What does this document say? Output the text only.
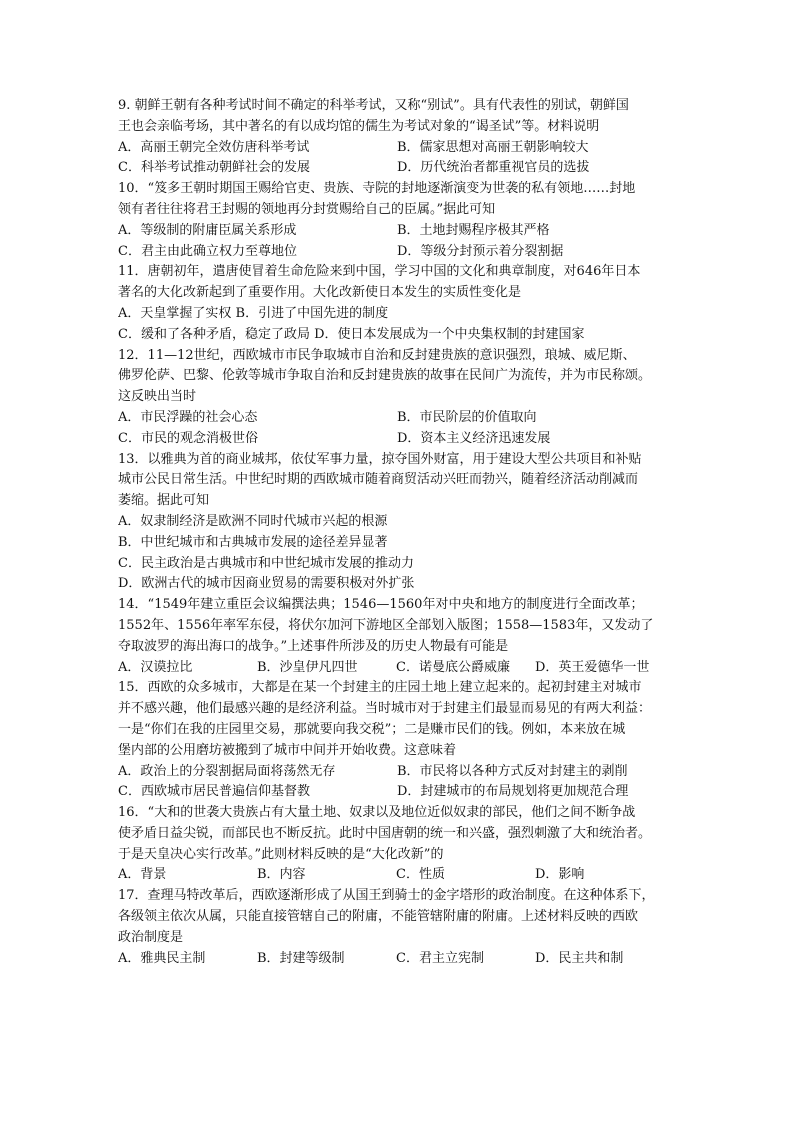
9. 朝鲜王朝有各种考试时间不确定的科举考试，又称“别试”。具有代表性的别试，朝鲜国
王也会亲临考场，其中著名的有以成均馆的儒生为考试对象的“谒圣试”等。材料说明
A．高丽王朝完全效仿唐科举考试	B．儒家思想对高丽王朝影响较大
C．科举考试推动朝鲜社会的发展	D．历代统治者都重视官员的选拔
10．“笈多王朝时期国王赐给官吏、贵族、寺院的封地逐渐演变为世袭的私有领地……封地
领有者往往将君王封赐的领地再分封赏赐给自己的臣属。”据此可知
A．等级制的附庸臣属关系形成	B．土地封赐程序极其严格
C．君主由此确立权力至尊地位	D．等级分封预示着分裂割据
11．唐朝初年，遣唐使冒着生命危险来到中国，学习中国的文化和典章制度，对646年日本
著名的大化改新起到了重要作用。大化改新使日本发生的实质性变化是
A．天皇掌握了实权 B．引进了中国先进的制度
C．缓和了各种矛盾，稳定了政局 D．使日本发展成为一个中央集权制的封建国家
12．11—12世纪，西欧城市市民争取城市自治和反封建贵族的意识强烈，琅城、威尼斯、
佛罗伦萨、巴黎、伦敦等城市争取自治和反封建贵族的故事在民间广为流传，并为市民称颂。
这反映出当时
A．市民浮躁的社会心态	B．市民阶层的价值取向
C．市民的观念消极世俗	D．资本主义经济迅速发展
13．以雅典为首的商业城邦，依仗军事力量，掠夺国外财富，用于建设大型公共项目和补贴
城市公民日常生活。中世纪时期的西欧城市随着商贸活动兴旺而勃兴，随着经济活动削减而
萎缩。据此可知
A．奴隶制经济是欧洲不同时代城市兴起的根源
B．中世纪城市和古典城市发展的途径差异显著
C．民主政治是古典城市和中世纪城市发展的推动力
D．欧洲古代的城市因商业贸易的需要积极对外扩张
14．“1549年建立重臣会议编撰法典；1546—1560年对中央和地方的制度进行全面改革；
1552年、1556年率军东侵，将伏尔加河下游地区全部划入版图；1558—1583年，又发动了
夺取波罗的海出海口的战争。”上述事件所涉及的历史人物最有可能是
A．汉谟拉比	B．沙皇伊凡四世	C．诺曼底公爵威廉	D．英王爱德华一世
15．西欧的众多城市，大都是在某一个封建主的庄园土地上建立起来的。起初封建主对城市
并不感兴趣，他们最感兴趣的是经济利益。当时城市对于封建主们最显而易见的有两大利益：
一是“你们在我的庄园里交易，那就要向我交税”；二是赚市民们的钱。例如，本来放在城
堡内部的公用磨坊被搬到了城市中间并开始收费。这意味着
A．政治上的分裂割据局面将荡然无存	B．市民将以各种方式反对封建主的剥削
C．西欧城市居民普遍信仰基督教	D．封建城市的布局规划将更加规范合理
16．“大和的世袭大贵族占有大量土地、奴隶以及地位近似奴隶的部民，他们之间不断争战
使矛盾日益尖锐，而部民也不断反抗。此时中国唐朝的统一和兴盛，强烈刺激了大和统治者。
于是天皇决心实行改革。”此则材料反映的是“大化改新”的
A．背景	B．内容	C．性质	D．影响
17．查理马特改革后，西欧逐渐形成了从国王到骑士的金字塔形的政治制度。在这种体系下，
各级领主依次从属，只能直接管辖自己的附庸，不能管辖附庸的附庸。上述材料反映的西欧
政治制度是
A．雅典民主制	B．封建等级制	C．君主立宪制	D．民主共和制
